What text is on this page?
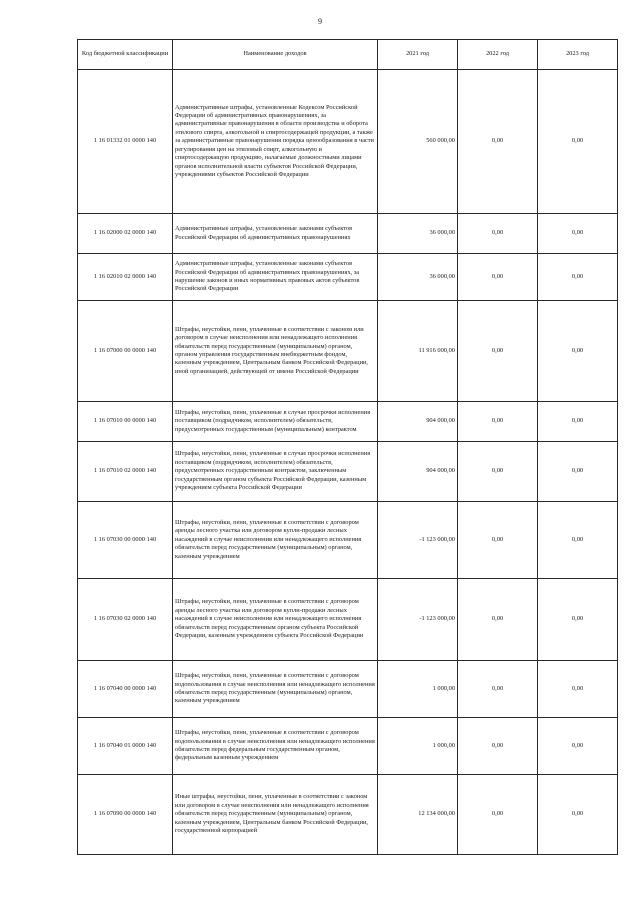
9
Код бюджетной классификации	Наименование доходов	2021 год	2022 год	2023 год
1 16 01332 01 0000 140	Административные штрафы, установленные Кодексом Российской Федерации об административных правонарушениях, за административные правонарушения в области производства и оборота этилового спирта, алкогольной и спиртосодержащей продукции, а также за административные правонарушения порядка ценообразования в части регулирования цен на этиловый спирт, алкогольную и спиртосодержащую продукцию, налагаемые должностными лицами органов исполнительной власти субъектов Российской Федерации, учреждениями субъектов Российской Федерации	560 000,00	0,00	0,00
1 16 02000 02 0000 140	Административные штрафы, установленные законами субъектов Российской Федерации об административных правонарушениях	36 000,00	0,00	0,00
1 16 02010 02 0000 140	Административные штрафы, установленные законами субъектов Российской Федерации об административных правонарушениях, за нарушение законов и иных нормативных правовых актов субъектов Российской Федерации	36 000,00	0,00	0,00
1 16 07000 00 0000 140	Штрафы, неустойки, пени, уплаченные в соответствии с законом или договором в случае неисполнения или ненадлежащего исполнения обязательств перед государственным (муниципальным) органом, органом управления государственным внебюджетным фондом, казенным учреждением, Центральным банком Российской Федерации, иной организацией, действующей от имени Российской Федерации	11 916 000,00	0,00	0,00
1 16 07010 00 0000 140	Штрафы, неустойки, пени, уплаченные в случае просрочки исполнения поставщиком (подрядчиком, исполнителем) обязательств, предусмотренных государственным (муниципальным) контрактом	904 000,00	0,00	0,00
1 16 07010 02 0000 140	Штрафы, неустойки, пени, уплаченные в случае просрочки исполнения поставщиком (подрядчиком, исполнителем) обязательств, предусмотренных государственным контрактом, заключенным государственным органом субъекта Российской Федерации, казенным учреждением субъекта Российской Федерации	904 000,00	0,00	0,00
1 16 07030 00 0000 140	Штрафы, неустойки, пени, уплаченные в соответствии с договором аренды лесного участка или договором купли-продажи лесных насаждений в случае неисполнения или ненадлежащего исполнения обязательств перед государственным (муниципальным) органом, казенным учреждением	-1 123 000,00	0,00	0,00
1 16 07030 02 0000 140	Штрафы, неустойки, пени, уплаченные в соответствии с договором аренды лесного участка или договором купли-продажи лесных насаждений в случае неисполнения или ненадлежащего исполнения обязательств перед государственным органом субъекта Российской Федерации, казенным учреждением субъекта Российской Федерации	-1 123 000,00	0,00	0,00
1 16 07040 00 0000 140	Штрафы, неустойки, пени, уплаченные в соответствии с договором водопользования в случае неисполнения или ненадлежащего исполнения обязательств перед государственным (муниципальным) органом, казенным учреждением	1 000,00	0,00	0,00
1 16 07040 01 0000 140	Штрафы, неустойки, пени, уплаченные в соответствии с договором водопользования в случае неисполнения или ненадлежащего исполнения обязательств перед федеральным государственным органом, федеральным казенным учреждением	1 000,00	0,00	0,00
1 16 07090 00 0000 140	Иные штрафы, неустойки, пени, уплаченные в соответствии с законом или договором в случае неисполнения или ненадлежащего исполнения обязательств перед государственным (муниципальным) органом, казенным учреждением, Центральным банком Российской Федерации, государственной корпорацией	12 134 000,00	0,00	0,00
